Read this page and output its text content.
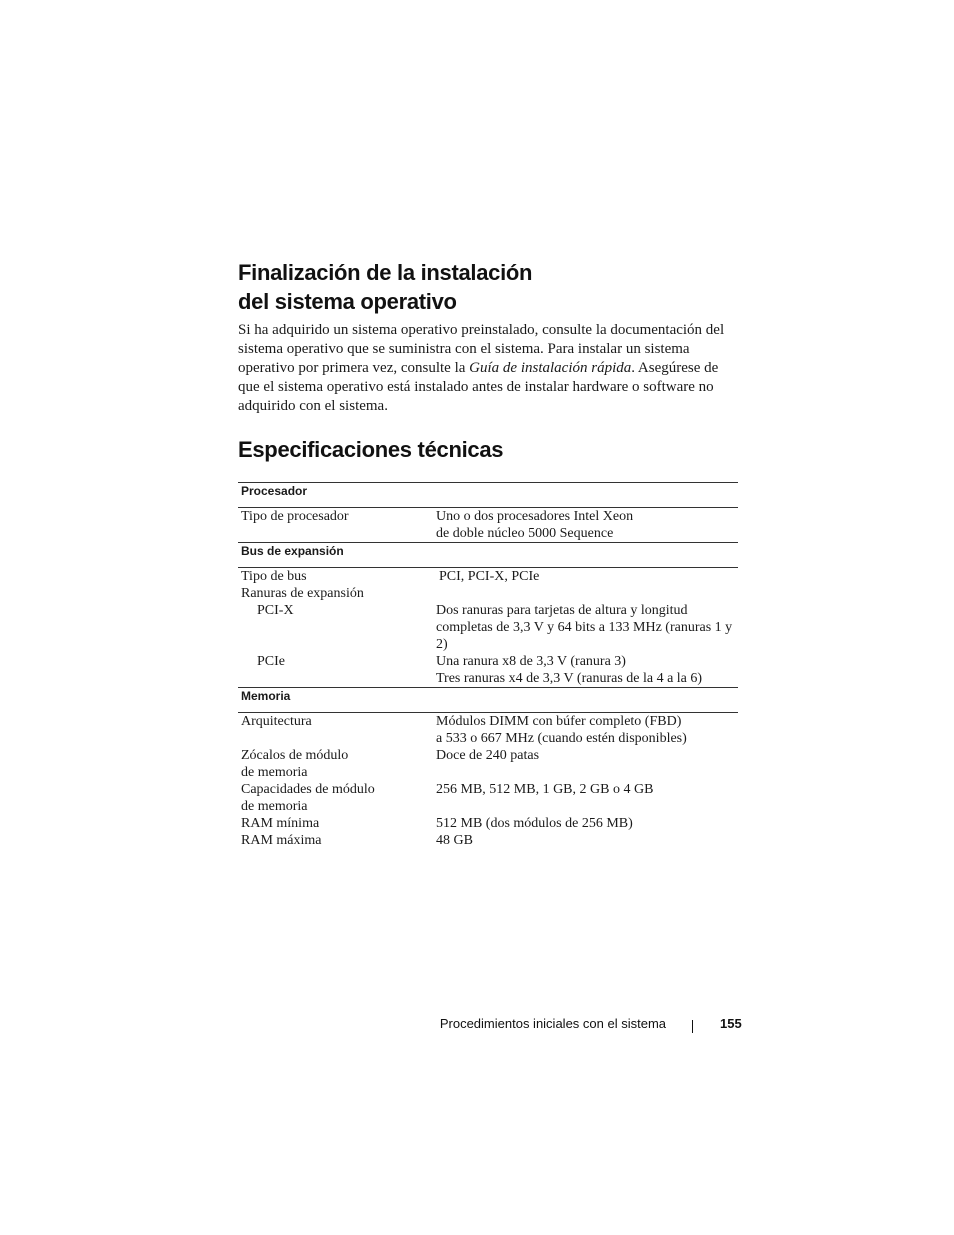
Finalización de la instalación
del sistema operativo

Si ha adquirido un sistema operativo preinstalado, consulte la documentación del sistema operativo que se suministra con el sistema. Para instalar un sistema operativo por primera vez, consulte la Guía de instalación rápida. Asegúrese de que el sistema operativo está instalado antes de instalar hardware o software no adquirido con el sistema.

Especificaciones técnicas
Procesador	
Tipo de procesador	Uno o dos procesadores Intel Xeon
de doble núcleo 5000 Sequence
Bus de expansión	
Tipo de bus	PCI, PCI-X, PCIe
Ranuras de expansión	
PCI-X	Dos ranuras para tarjetas de altura y longitud
completas de 3,3 V y 64 bits a 133 MHz (ranuras 1 y 2)
PCIe	Una ranura x8 de 3,3 V (ranura 3)
Tres ranuras x4 de 3,3 V (ranuras de la 4 a la 6)
Memoria	
Arquitectura	Módulos DIMM con búfer completo (FBD)
a 533 o 667 MHz (cuando estén disponibles)
Zócalos de módulo
de memoria	Doce de 240 patas
Capacidades de módulo
de memoria	256 MB, 512 MB, 1 GB, 2 GB o 4 GB
RAM mínima	512 MB (dos módulos de 256 MB)
RAM máxima	48 GB
Procedimientos iniciales con el sistema	155
